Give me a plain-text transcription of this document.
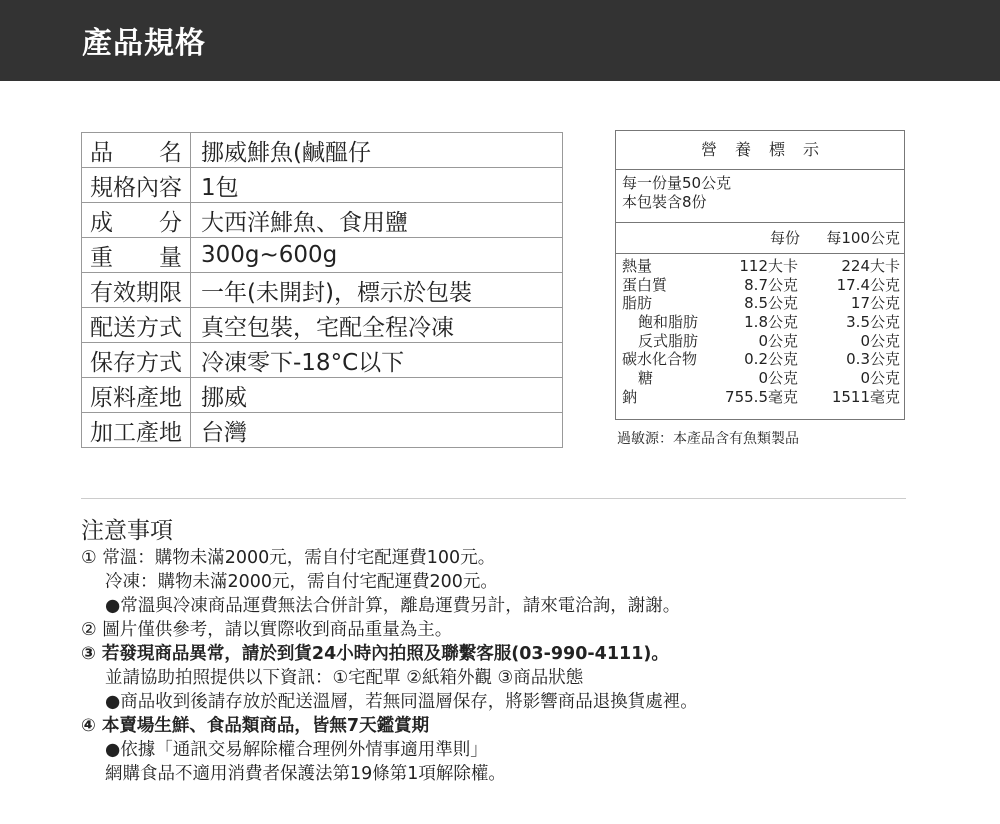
產品規格
品　　名	挪威鯡魚(鹹醞仔
規格內容	1包
成　　分	大西洋鯡魚、食用鹽
重　　量	300g~600g
有效期限	一年(未開封)，標示於包裝
配送方式	真空包裝，宅配全程冷凍
保存方式	冷凍零下-18°C以下
原料產地	挪威
加工產地	台灣
營養標示
每一份量50公克
本包裝含8份
每份 每100公克
熱量	112大卡	224大卡
蛋白質	8.7公克	17.4公克
脂肪	8.5公克	17公克
飽和脂肪	1.8公克	3.5公克
反式脂肪	0公克	0公克
碳水化合物	0.2公克	0.3公克
糖	0公克	0公克
鈉	755.5毫克 1511毫克
過敏源：本產品含有魚類製品
注意事項
① 常溫：購物未滿2000元，需自付宅配運費100元。
冷凍：購物未滿2000元，需自付宅配運費200元。
●常溫與冷凍商品運費無法合併計算，離島運費另計，請來電洽詢，謝謝。
② 圖片僅供參考，請以實際收到商品重量為主。
③ 若發現商品異常，請於到貨24小時內拍照及聯繫客服(03-990-4111)。
並請協助拍照提供以下資訊：①宅配單 ②紙箱外觀 ③商品狀態
●商品收到後請存放於配送溫層，若無同溫層保存，將影響商品退換貨處裡。
④ 本賣場生鮮、食品類商品，皆無7天鑑賞期
●依據「通訊交易解除權合理例外情事適用準則」
網購食品不適用消費者保護法第19條第1項解除權。
